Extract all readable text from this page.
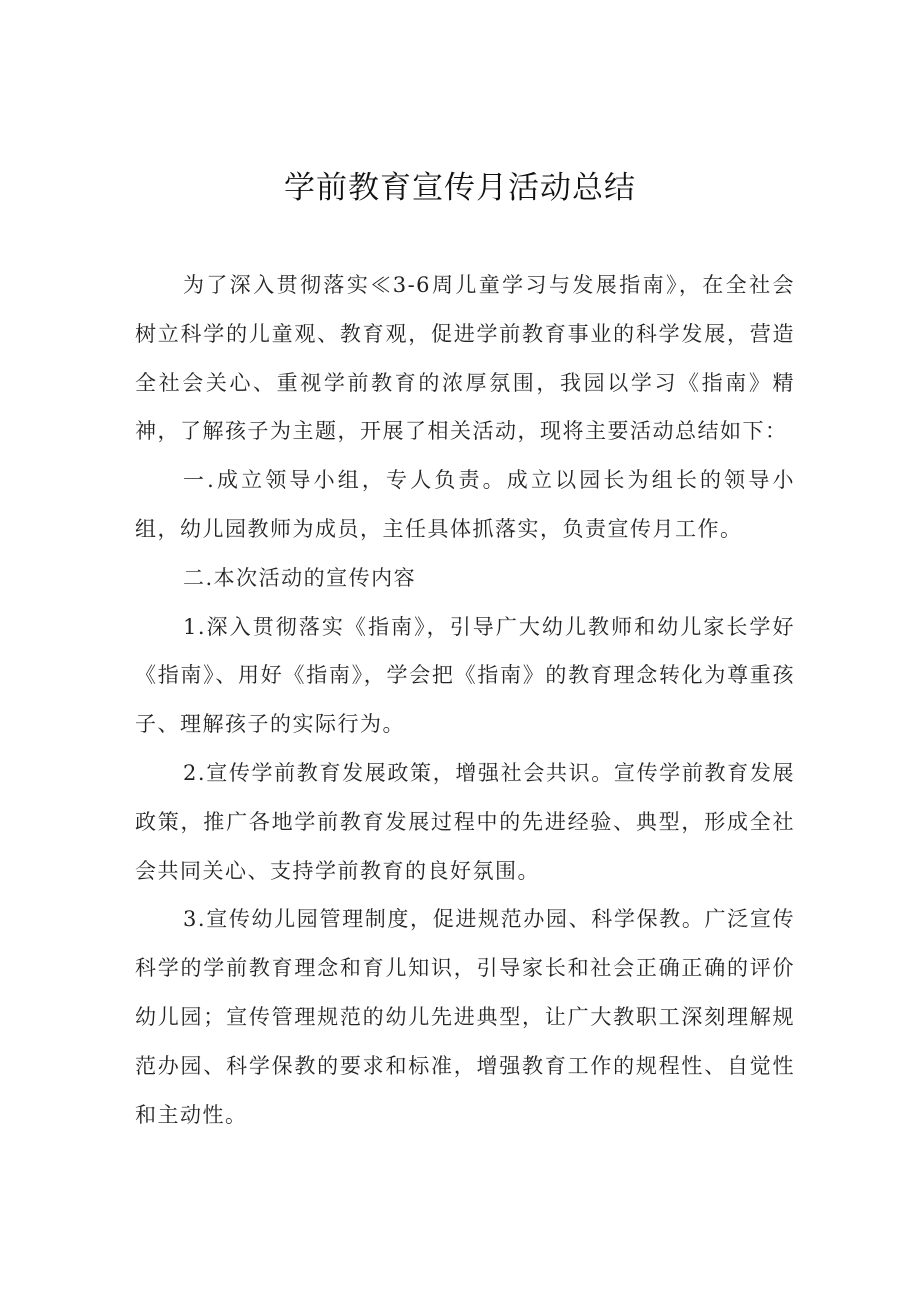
学前教育宣传月活动总结

为了深入贯彻落实≪3-6周儿童学习与发展指南》，在全社会树立科学的儿童观、教育观，促进学前教育事业的科学发展，营造全社会关心、重视学前教育的浓厚氛围，我园以学习《指南》精神，了解孩子为主题，开展了相关活动，现将主要活动总结如下：

一.成立领导小组，专人负责。成立以园长为组长的领导小组，幼儿园教师为成员，主任具体抓落实，负责宣传月工作。

二.本次活动的宣传内容

1.深入贯彻落实《指南》，引导广大幼儿教师和幼儿家长学好《指南》、用好《指南》，学会把《指南》的教育理念转化为尊重孩子、理解孩子的实际行为。

2.宣传学前教育发展政策，增强社会共识。宣传学前教育发展政策，推广各地学前教育发展过程中的先进经验、典型，形成全社会共同关心、支持学前教育的良好氛围。

3.宣传幼儿园管理制度，促进规范办园、科学保教。广泛宣传科学的学前教育理念和育儿知识，引导家长和社会正确正确的评价幼儿园；宣传管理规范的幼儿先进典型，让广大教职工深刻理解规范办园、科学保教的要求和标准，增强教育工作的规程性、自觉性和主动性。
